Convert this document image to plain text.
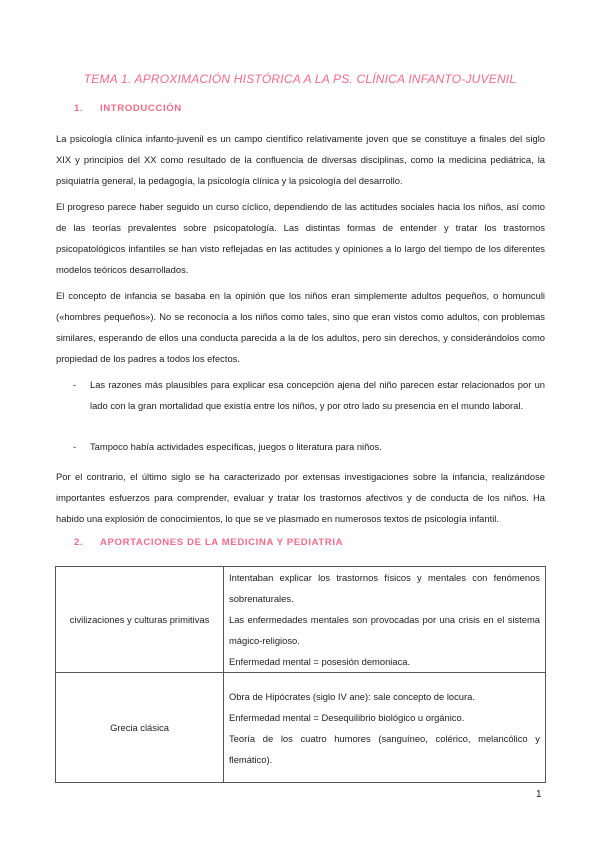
TEMA 1. APROXIMACIÓN HISTÓRICA A LA PS. CLÍNICA INFANTO-JUVENIL
1. INTRODUCCIÓN

La psicología clínica infanto-juvenil es un campo científico relativamente joven que se constituye a finales del siglo XIX y principios del XX como resultado de la confluencia de diversas disciplinas, como la medicina pediátrica, la psiquiatría general, la pedagogía, la psicología clínica y la psicología del desarrollo.

El progreso parece haber seguido un curso cíclico, dependiendo de las actitudes sociales hacia los niños, así como de las teorías prevalentes sobre psicopatología. Las distintas formas de entender y tratar los trastornos psicopatológicos infantiles se han visto reflejadas en las actitudes y opiniones a lo largo del tiempo de los diferentes modelos teóricos desarrollados.

El concepto de infancia se basaba en la opinión que los niños eran simplemente adultos pequeños, o homunculi («hombres pequeños»). No se reconocía a los niños como tales, sino que eran vistos como adultos, con problemas similares, esperando de ellos una conducta parecida a la de los adultos, pero sin derechos, y considerándolos como propiedad de los padres a todos los efectos.

- Las razones más plausibles para explicar esa concepción ajena del niño parecen estar relacionados por un lado con la gran mortalidad que existía entre los niños, y por otro lado su presencia en el mundo laboral.
- Tampoco había actividades específicas, juegos o literatura para niños.

Por el contrario, el último siglo se ha caracterizado por extensas investigaciones sobre la infancia, realizándose importantes esfuerzos para comprender, evaluar y tratar los trastornos afectivos y de conducta de los niños. Ha habido una explosión de conocimientos, lo que se ve plasmado en numerosos textos de psicología infantil.

2. APORTACIONES DE LA MEDICINA Y PEDIATRIA
civilizaciones y culturas primitivas	Intentaban explicar los trastornos físicos y mentales con fenómenos sobrenaturales.
Las enfermedades mentales son provocadas por una crisis en el sistema mágico-religioso.
Enfermedad mental = posesión demoniaca.

Grecia clásica	Obra de Hipócrates (siglo IV ane): sale concepto de locura.
Enfermedad mental = Desequilibrio biológico u orgánico.
Teoría de los cuatro humores (sanguíneo, colérico, melancólico y flemático).
1
